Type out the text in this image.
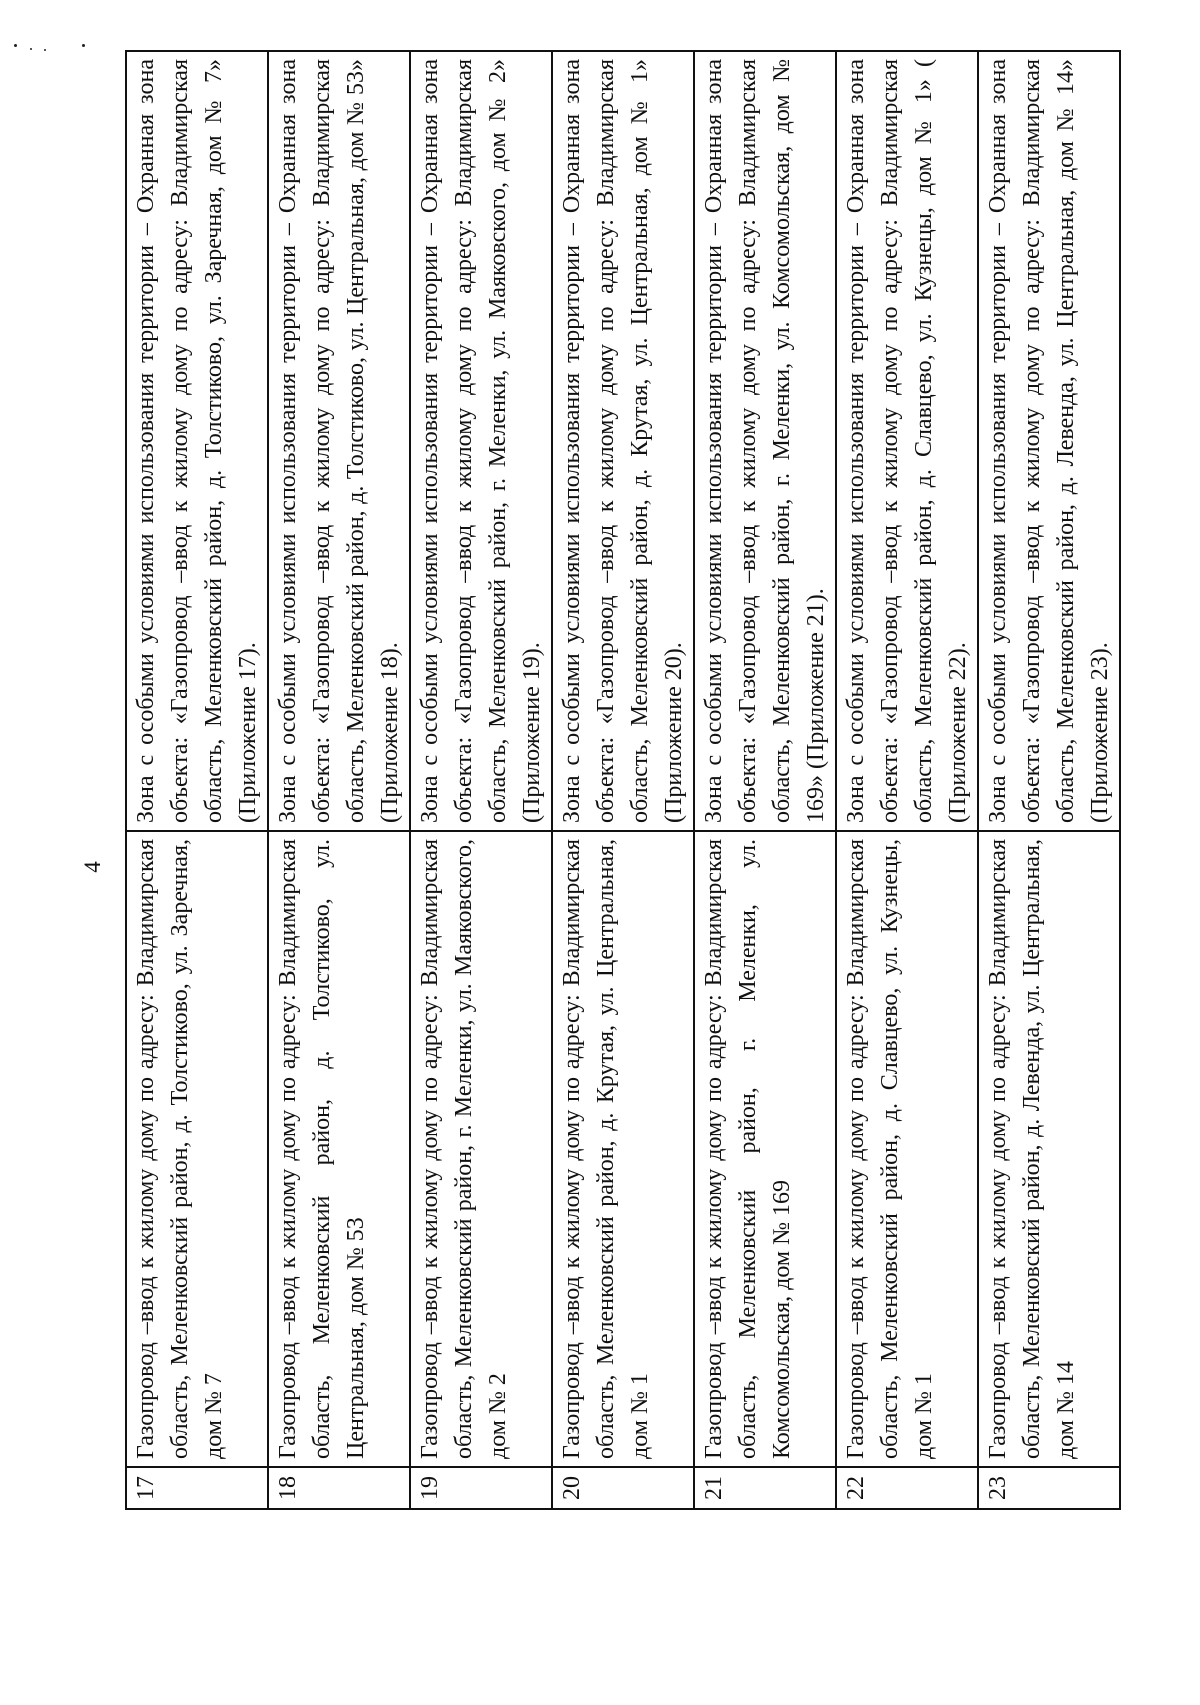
4
17	Газопровод –ввод к жилому дому по адресу: Владимирская область, Меленковский район, д. Толстиково, ул. Заречная, дом № 7	Зона с особыми условиями использования территории – Охранная зона объекта: «Газопровод –ввод к жилому дому по адресу: Владимирская область, Меленковский район, д. Толстиково, ул. Заречная, дом № 7» (Приложение 17).
18	Газопровод –ввод к жилому дому по адресу: Владимирская область, Меленковский район, д. Толстиково, ул. Центральная, дом № 53	Зона с особыми условиями использования территории – Охранная зона объекта: «Газопровод –ввод к жилому дому по адресу: Владимирская область, Меленковский район, д. Толстиково, ул. Центральная, дом № 53» (Приложение 18).
19	Газопровод –ввод к жилому дому по адресу: Владимирская область, Меленковский район, г. Меленки, ул. Маяковского, дом № 2	Зона с особыми условиями использования территории – Охранная зона объекта: «Газопровод –ввод к жилому дому по адресу: Владимирская область, Меленковский район, г. Меленки, ул. Маяковского, дом № 2» (Приложение 19).
20	Газопровод –ввод к жилому дому по адресу: Владимирская область, Меленковский район, д. Крутая, ул. Центральная, дом № 1	Зона с особыми условиями использования территории – Охранная зона объекта: «Газопровод –ввод к жилому дому по адресу: Владимирская область, Меленковский район, д. Крутая, ул. Центральная, дом № 1» (Приложение 20).
21	Газопровод –ввод к жилому дому по адресу: Владимирская область, Меленковский район, г. Меленки, ул. Комсомольская, дом № 169	Зона с особыми условиями использования территории – Охранная зона объекта: «Газопровод –ввод к жилому дому по адресу: Владимирская область, Меленковский район, г. Меленки, ул. Комсомольская, дом № 169» (Приложение 21).
22	Газопровод –ввод к жилому дому по адресу: Владимирская область, Меленковский район, д. Славцево, ул. Кузнецы, дом № 1	Зона с особыми условиями использования территории – Охранная зона объекта: «Газопровод –ввод к жилому дому по адресу: Владимирская область, Меленковский район, д. Славцево, ул. Кузнецы, дом № 1» ( (Приложение 22).
23	Газопровод –ввод к жилому дому по адресу: Владимирская область, Меленковский район, д. Левенда, ул. Центральная, дом № 14	Зона с особыми условиями использования территории – Охранная зона объекта: «Газопровод –ввод к жилому дому по адресу: Владимирская область, Меленковский район, д. Левенда, ул. Центральная, дом № 14» (Приложение 23).
